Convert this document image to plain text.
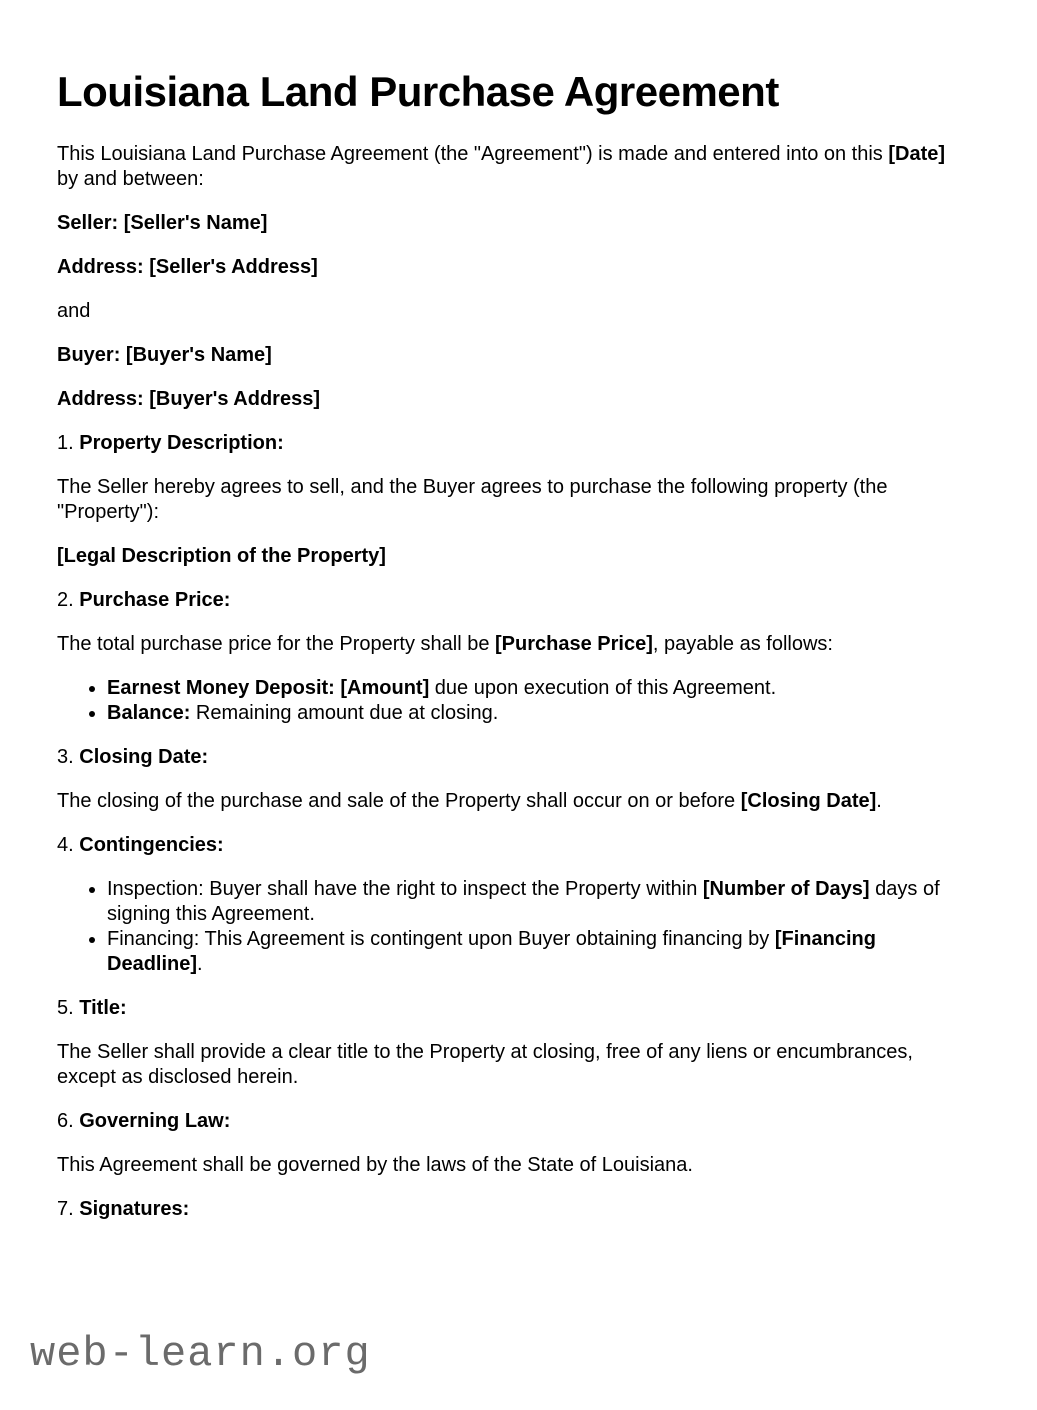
Louisiana Land Purchase Agreement

This Louisiana Land Purchase Agreement (the "Agreement") is made and entered into on this [Date] by and between:

Seller: [Seller's Name]

Address: [Seller's Address]

and

Buyer: [Buyer's Name]

Address: [Buyer's Address]

1. Property Description:

The Seller hereby agrees to sell, and the Buyer agrees to purchase the following property (the "Property"):

[Legal Description of the Property]

2. Purchase Price:

The total purchase price for the Property shall be [Purchase Price], payable as follows:

• Earnest Money Deposit: [Amount] due upon execution of this Agreement.
• Balance: Remaining amount due at closing.

3. Closing Date:

The closing of the purchase and sale of the Property shall occur on or before [Closing Date].

4. Contingencies:

• Inspection: Buyer shall have the right to inspect the Property within [Number of Days] days of signing this Agreement.
• Financing: This Agreement is contingent upon Buyer obtaining financing by [Financing Deadline].

5. Title:

The Seller shall provide a clear title to the Property at closing, free of any liens or encumbrances, except as disclosed herein.

6. Governing Law:

This Agreement shall be governed by the laws of the State of Louisiana.

7. Signatures:

web-learn.org
